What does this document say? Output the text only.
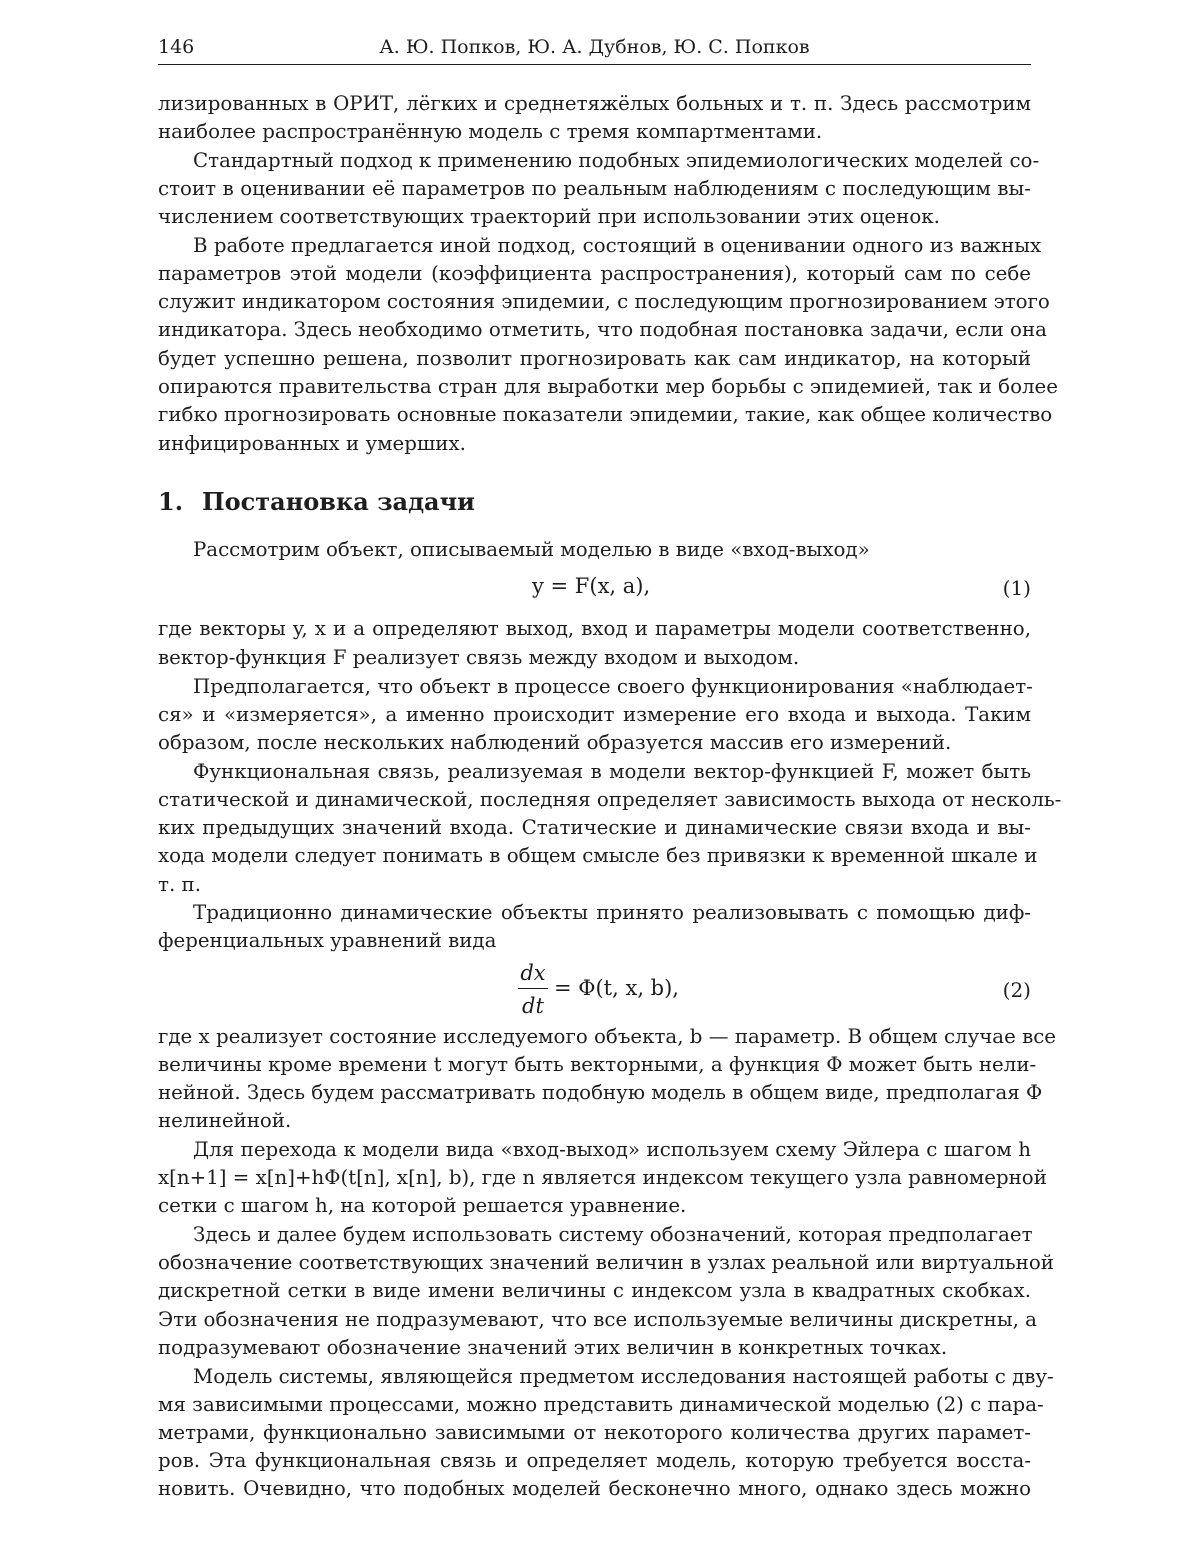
146	А. Ю. Попков, Ю. А. Дубнов, Ю. С. Попков
лизированных в ОРИТ, лёгких и среднетяжёлых больных и т. п. Здесь рассмотрим
наиболее распространённую модель с тремя компартментами.
Стандартный подход к применению подобных эпидемиологических моделей со-
стоит в оценивании её параметров по реальным наблюдениям с последующим вы-
числением соответствующих траекторий при использовании этих оценок.
В работе предлагается иной подход, состоящий в оценивании одного из важных
параметров этой модели (коэффициента распространения), который сам по себе
служит индикатором состояния эпидемии, с последующим прогнозированием этого
индикатора. Здесь необходимо отметить, что подобная постановка задачи, если она
будет успешно решена, позволит прогнозировать как сам индикатор, на который
опираются правительства стран для выработки мер борьбы с эпидемией, так и более
гибко прогнозировать основные показатели эпидемии, такие, как общее количество
инфицированных и умерших.
1. Постановка задачи
Рассмотрим объект, описываемый моделью в виде «вход-выход»
y = F(x, a),	(1)
где векторы y, x и a определяют выход, вход и параметры модели соответственно,
вектор-функция F реализует связь между входом и выходом.
Предполагается, что объект в процессе своего функционирования «наблюдает-
ся» и «измеряется», а именно происходит измерение его входа и выхода. Таким
образом, после нескольких наблюдений образуется массив его измерений.
Функциональная связь, реализуемая в модели вектор-функцией F, может быть
статической и динамической, последняя определяет зависимость выхода от несколь-
ких предыдущих значений входа. Статические и динамические связи входа и вы-
хода модели следует понимать в общем смысле без привязки к временной шкале и
т. п.
Традиционно динамические объекты принято реализовывать с помощью диф-
ференциальных уравнений вида
dx
dt
= Φ(t, x, b),	(2)
где x реализует состояние исследуемого объекта, b — параметр. В общем случае все
величины кроме времени t могут быть векторными, а функция Φ может быть нели-
нейной. Здесь будем рассматривать подобную модель в общем виде, предполагая Φ
нелинейной.
Для перехода к модели вида «вход-выход» используем схему Эйлера с шагом h
x[n+1] = x[n]+hΦ(t[n], x[n], b), где n является индексом текущего узла равномерной
сетки с шагом h, на которой решается уравнение.
Здесь и далее будем использовать систему обозначений, которая предполагает
обозначение соответствующих значений величин в узлах реальной или виртуальной
дискретной сетки в виде имени величины с индексом узла в квадратных скобках.
Эти обозначения не подразумевают, что все используемые величины дискретны, а
подразумевают обозначение значений этих величин в конкретных точках.
Модель системы, являющейся предметом исследования настоящей работы с дву-
мя зависимыми процессами, можно представить динамической моделью (2) с пара-
метрами, функционально зависимыми от некоторого количества других парамет-
ров. Эта функциональная связь и определяет модель, которую требуется восста-
новить. Очевидно, что подобных моделей бесконечно много, однако здесь можно
